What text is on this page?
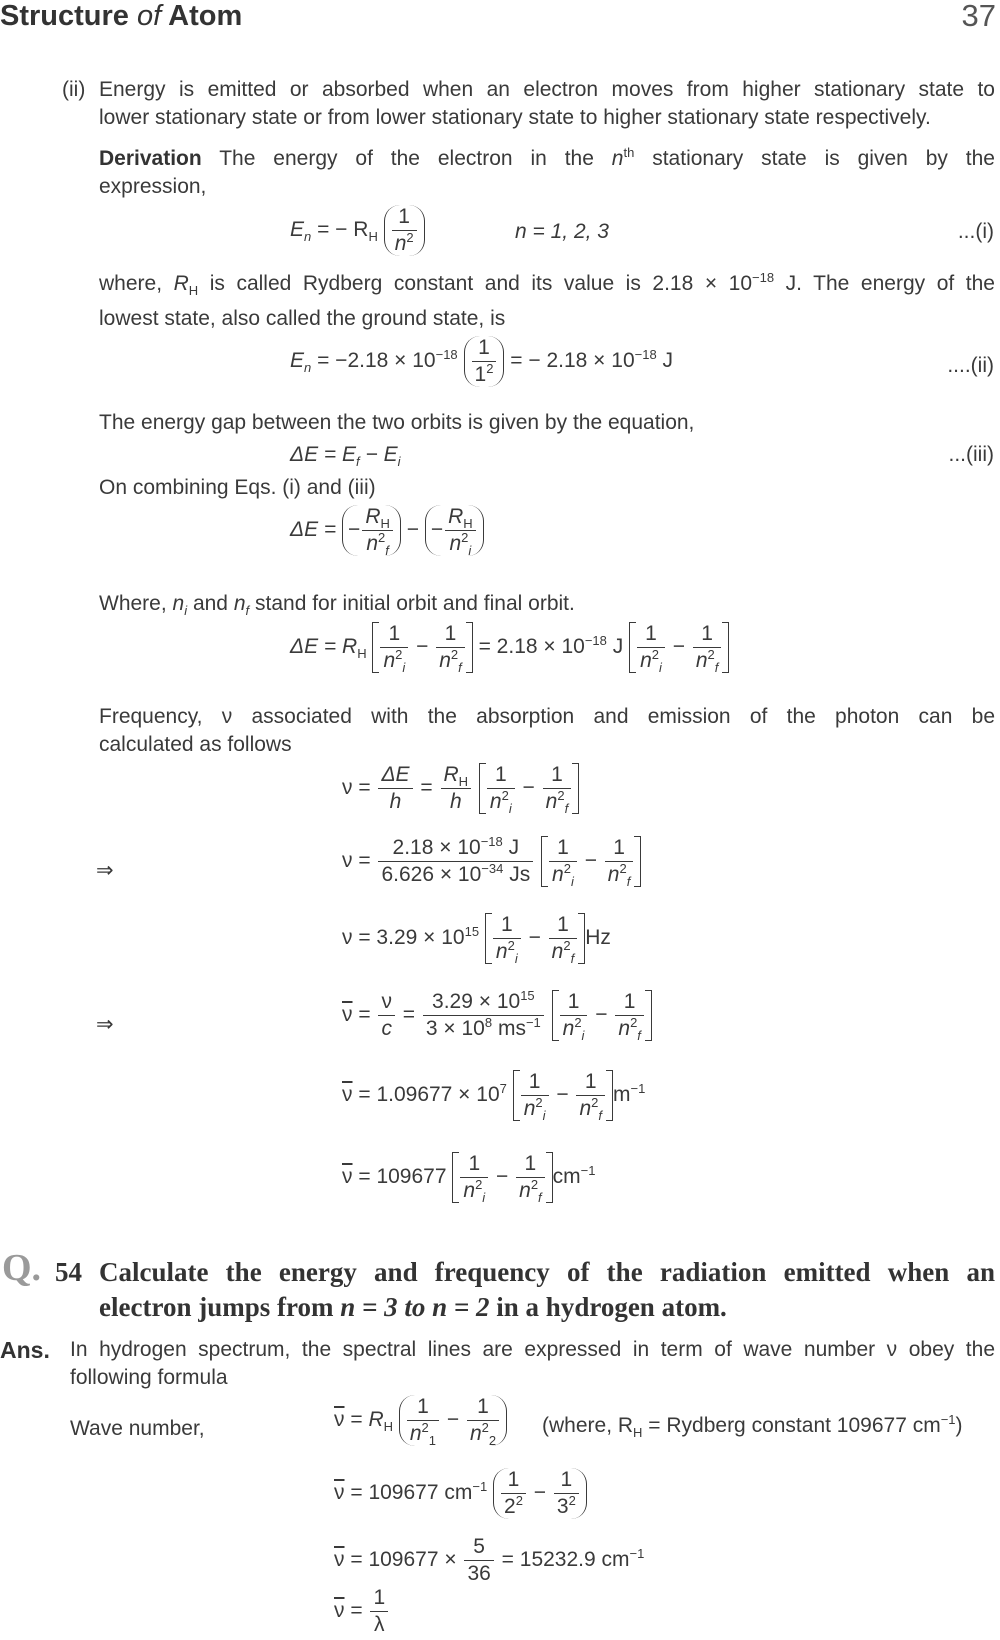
Structure of Atom	37
(ii) Energy is emitted or absorbed when an electron moves from higher stationary state to
lower stationary state or from lower stationary state to higher stationary state respectively.
Derivation The energy of the electron in the $n^{th}$ stationary state is given by the
expression,
$E_n$ = − $R_H \frac{1}{n^2}$	n = 1, 2, 3	...(i)
where, $R_H$ is called Rydberg constant and its value is $2.18 \times 10^{-18}$ J. The energy of the
lowest state, also called the ground state, is
$E_n = -2.18 \times 10^{-18} \frac{1}{1^2}$ = − $2.18 \times 10^{-18}$ J	....(ii)
The energy gap between the two orbits is given by the equation,
$\Delta E = E_f - E_i$	...(iii)
On combining Eqs. (i) and (iii)
ΔE = − $\frac{R_H}{n^2_f}$ − − $\frac{R_H}{n^2_i}$
Where, $n_i$ and $n_f$ stand for initial orbit and final orbit.
$\Delta E = R_H \frac{1}{n^2_i} - \frac{1}{n^2_f} = 2.18 \times 10^{-18}$ J $\frac{1}{n^2_i} - \frac{1}{n^2_f}$
Frequency, ν associated with the absorption and emission of the photon can be
calculated as follows
$\nu = \frac{\Delta E}{h} = \frac{R_H}{h}$
$\frac{1}{n^2_i} - \frac{1}{n^2_f}$
⇒	$\nu = \frac{2.18 \times 10^{-18} J}{6.626 \times 10^{-34} Js}$
$\frac{1}{n^2_i} - \frac{1}{n^2_f}$
$\nu = 3.29 \times 10^{15} \frac{1}{n^2_i} - \frac{1}{n^2_f}$ Hz
⇒	$\overline{\nu} = \frac{\nu}{c} = \frac{3.29 \times 10^{15}}{3 \times 10^8 ms^{-1}}$
$\frac{1}{n^2_i} - \frac{1}{n^2_f}$
$\overline{\nu} = 1.09677 \times 10^7 \frac{1}{n^2_i} - \frac{1}{n^2_f} m^{-1}$
$\overline{\nu} = 109677 \frac{1}{n^2_i} - \frac{1}{n^2_f} cm^{-1}$
Q. 54 Calculate the energy and frequency of the radiation emitted when an
electron jumps from n = 3 to n = 2 in a hydrogen atom.
Ans. In hydrogen spectrum, the spectral lines are expressed in term of wave number ν obey the
following formula
Wave number,	$\overline{\nu} = R_H \frac{1}{n^2_1} - \frac{1}{n^2_2}$ (where, $R_H$ = Rydberg constant 109677 $cm^{-1}$)
$\overline{\nu} = 109677$ $cm^{-1} \frac{1}{2^2} - \frac{1}{3^2}$
$\overline{\nu} = 109677 \times \frac{5}{36} = 15232.9$ $cm^{-1}$
$\overline{\nu} = \frac{1}{\lambda}$
